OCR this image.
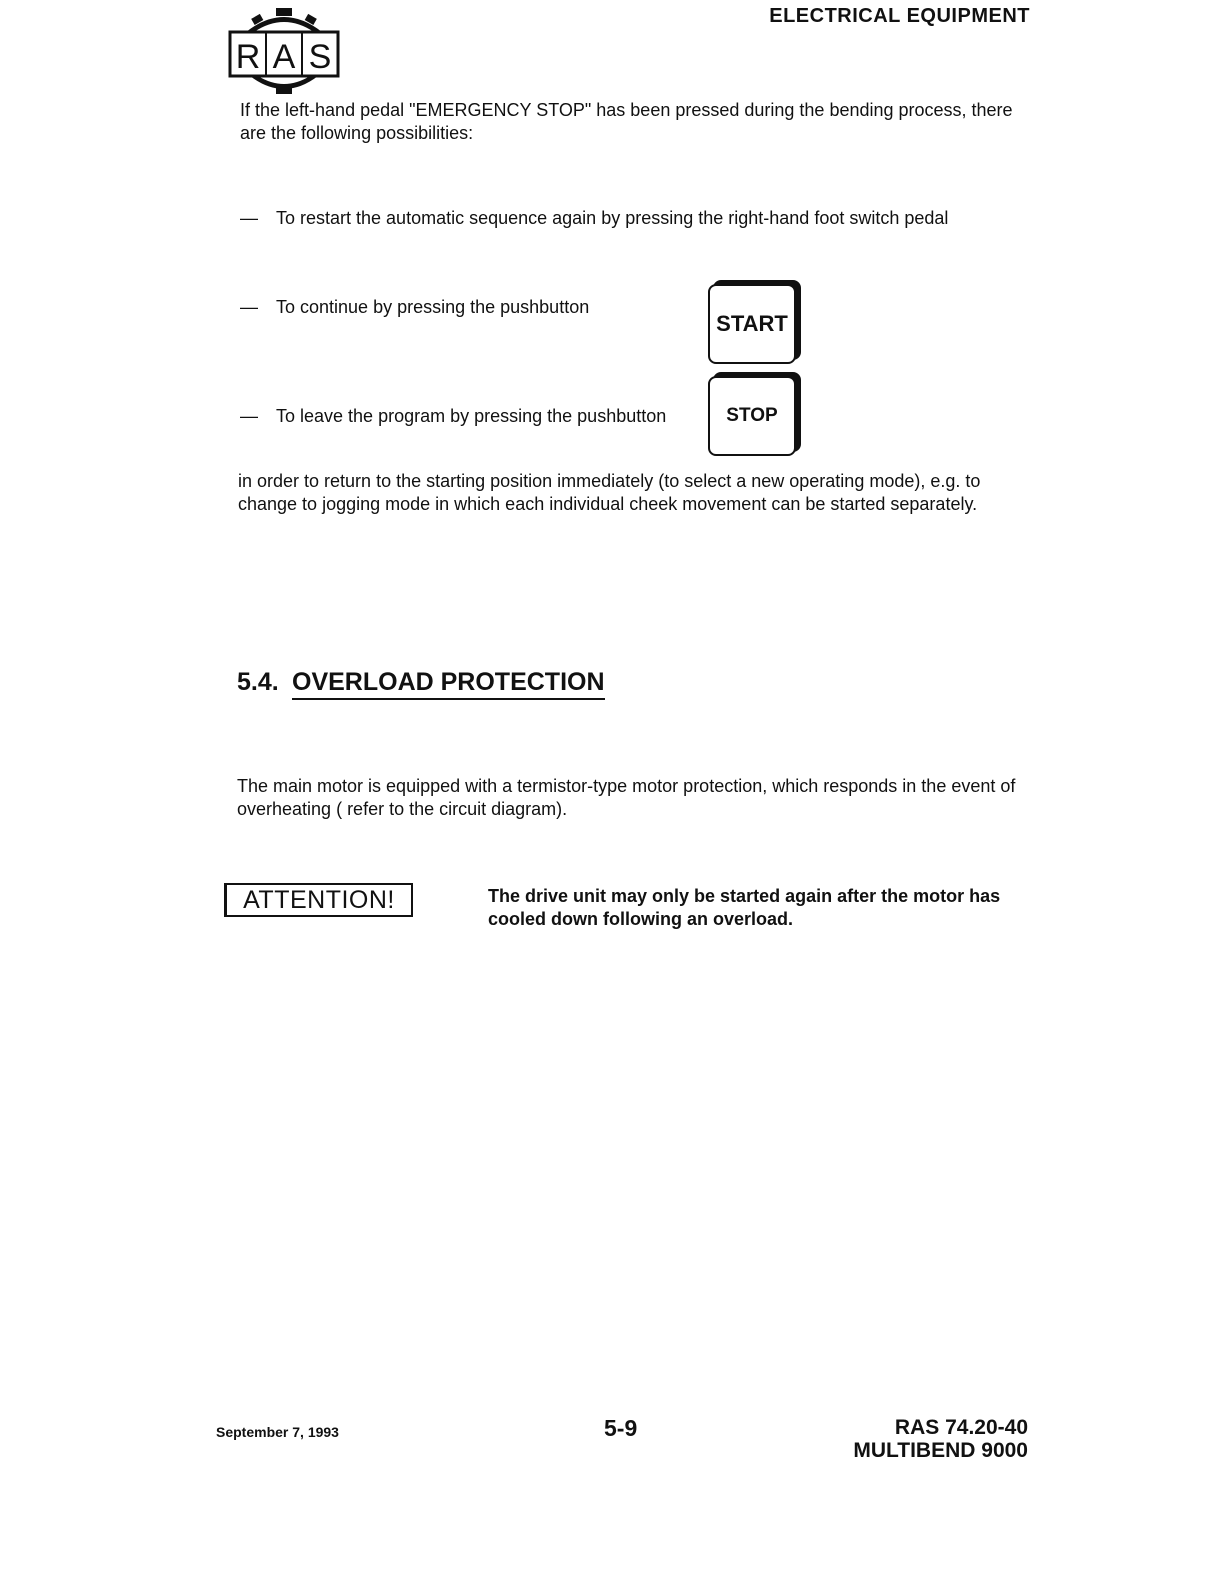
R A S
ELECTRICAL EQUIPMENT
If the left-hand pedal "EMERGENCY STOP" has been pressed during the bending process, there are the following possibilities:
—	To restart the automatic sequence again by pressing the right-hand foot switch pedal
—	To continue by pressing the pushbutton
START
—	To leave the program by pressing the pushbutton	STOP
in order to return to the starting position immediately (to select a new operating mode), e.g. to change to jogging mode in which each individual cheek movement can be started separately.
5.4. OVERLOAD PROTECTION
The main motor is equipped with a termistor-type motor protection, which responds in the event of overheating ( refer to the circuit diagram).
ATTENTION!	The drive unit may only be started again after the motor has cooled down following an overload.
September 7, 1993	5-9	RAS 74.20-40
MULTIBEND 9000
